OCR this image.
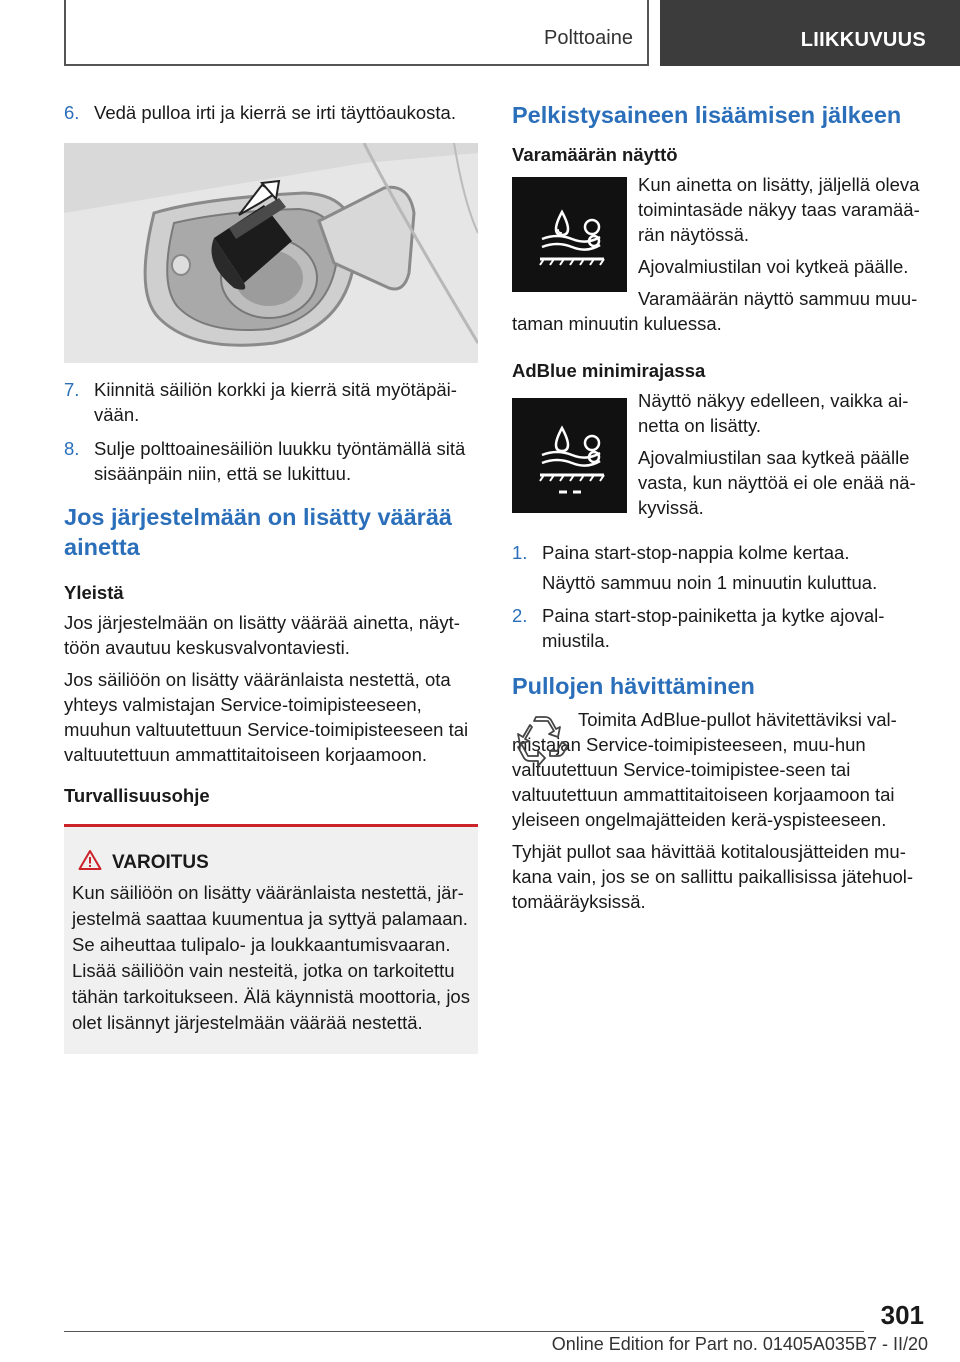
Polttoaine	LIIKKUVUUS
6. Vedä pulloa irti ja kierrä se irti täyttöaukosta.
7. Kiinnitä säiliön korkki ja kierrä sitä myötäpäi-vään.
8. Sulje polttoainesäiliön luukku työntämällä sitä sisäänpäin niin, että se lukittuu.
Jos järjestelmään on lisätty väärää ainetta
Yleistä

Jos järjestelmään on lisätty väärää ainetta, näyt-töön avautuu keskusvalvontaviesti.

Jos säiliöön on lisätty vääränlaista nestettä, ota yhteys valmistajan Service-toimipisteeseen, muuhun valtuutettuun Service-toimipisteeseen tai valtuutettuun ammattitaitoiseen korjaamoon.

Turvallisuusohje
VAROITUS

Kun säiliöön on lisätty vääränlaista nestettä, jär-jestelmä saattaa kuumentua ja syttyä palamaan. Se aiheuttaa tulipalo- ja loukkaantumisvaaran. Lisää säiliöön vain nesteitä, jotka on tarkoitettu tähän tarkoitukseen. Älä käynnistä moottoria, jos olet lisännyt järjestelmään väärää nestettä.

Pelkistysaineen lisäämisen jälkeen
Varamäärän näyttö

Kun ainetta on lisätty, jäljellä oleva toimintasäde näkyy taas varamää-rän näytössä.

Ajovalmiustilan voi kytkeä päälle.

Varamäärän näyttö sammuu muu-taman minuutin kuluessa.

AdBlue minimirajassa

Näyttö näkyy edelleen, vaikka ai-netta on lisätty.

Ajovalmiustilan saa kytkeä päälle vasta, kun näyttöä ei ole enää nä-kyvissä.

1. Paina start-stop-nappia kolme kertaa.

Näyttö sammuu noin 1 minuutin kuluttua.

2. Paina start-stop-painiketta ja kytke ajoval-miustila.
Pullojen hävittäminen

Toimita AdBlue-pullot hävitettäviksi val-mistajan Service-toimipisteeseen, muu-hun valtuutettuun Service-toimipistee-seen tai valtuutettuun ammattitaitoiseen korjaamoon tai yleiseen ongelmajätteiden kerä-yspisteeseen.

Tyhjät pullot saa hävittää kotitalousjätteiden mu-kana vain, jos se on sallittu paikallisissa jätehuol-tomääräyksissä.

301
Online Edition for Part no. 01405A035B7 - II/20
